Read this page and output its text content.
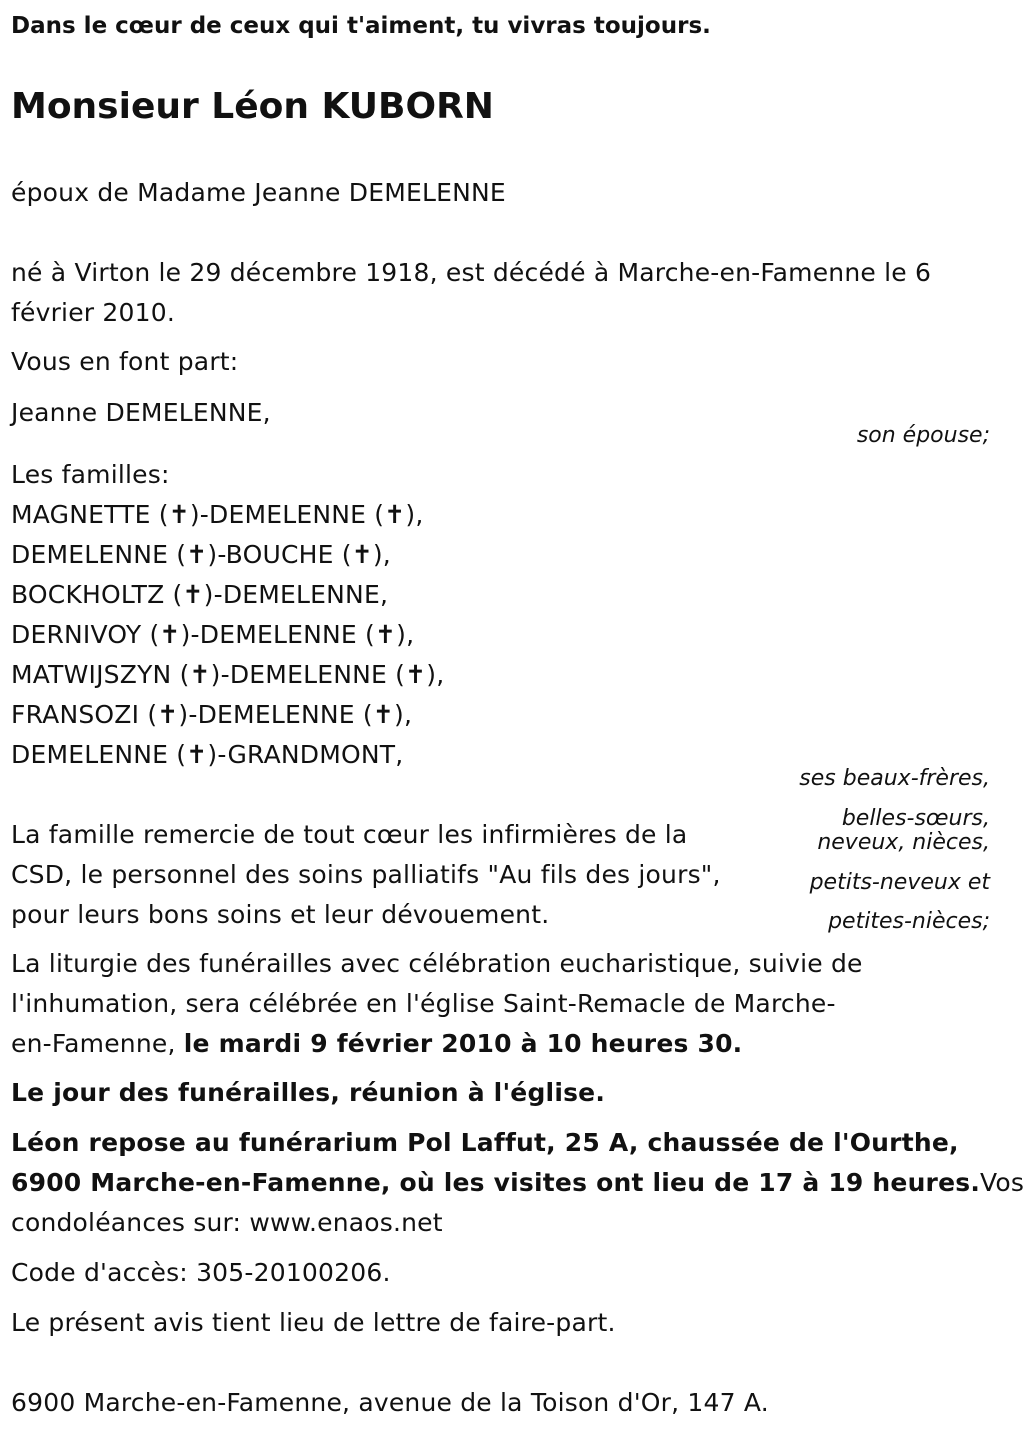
Dans le cœur de ceux qui t'aiment, tu vivras toujours.
Monsieur Léon KUBORN
époux de Madame Jeanne DEMELENNE
né à Virton le 29 décembre 1918, est décédé à Marche-en-Famenne le 6
février 2010.
Vous en font part:
Jeanne DEMELENNE,
son épouse;
Les familles:
MAGNETTE (✝)-DEMELENNE (✝),
DEMELENNE (✝)-BOUCHE (✝),
BOCKHOLTZ (✝)-DEMELENNE,
DERNIVOY (✝)-DEMELENNE (✝),
MATWIJSZYN (✝)-DEMELENNE (✝),
FRANSOZI (✝)-DEMELENNE (✝),
DEMELENNE (✝)-GRANDMONT,
ses beaux-frères,
belles-sœurs,
neveux, nièces,
petits-neveux et
petites-nièces;
La famille remercie de tout cœur les infirmières de la
CSD, le personnel des soins palliatifs "Au fils des jours",
pour leurs bons soins et leur dévouement.
La liturgie des funérailles avec célébration eucharistique, suivie de
l'inhumation, sera célébrée en l'église Saint-Remacle de Marche-
en-Famenne, le mardi 9 février 2010 à 10 heures 30.
Le jour des funérailles, réunion à l'église.
Léon repose au funérarium Pol Laffut, 25 A, chaussée de l'Ourthe,
6900 Marche-en-Famenne, où les visites ont lieu de 17 à 19 heures.Vos
condoléances sur: www.enaos.net
Code d'accès: 305-20100206.
Le présent avis tient lieu de lettre de faire-part.
6900 Marche-en-Famenne, avenue de la Toison d'Or, 147 A.
